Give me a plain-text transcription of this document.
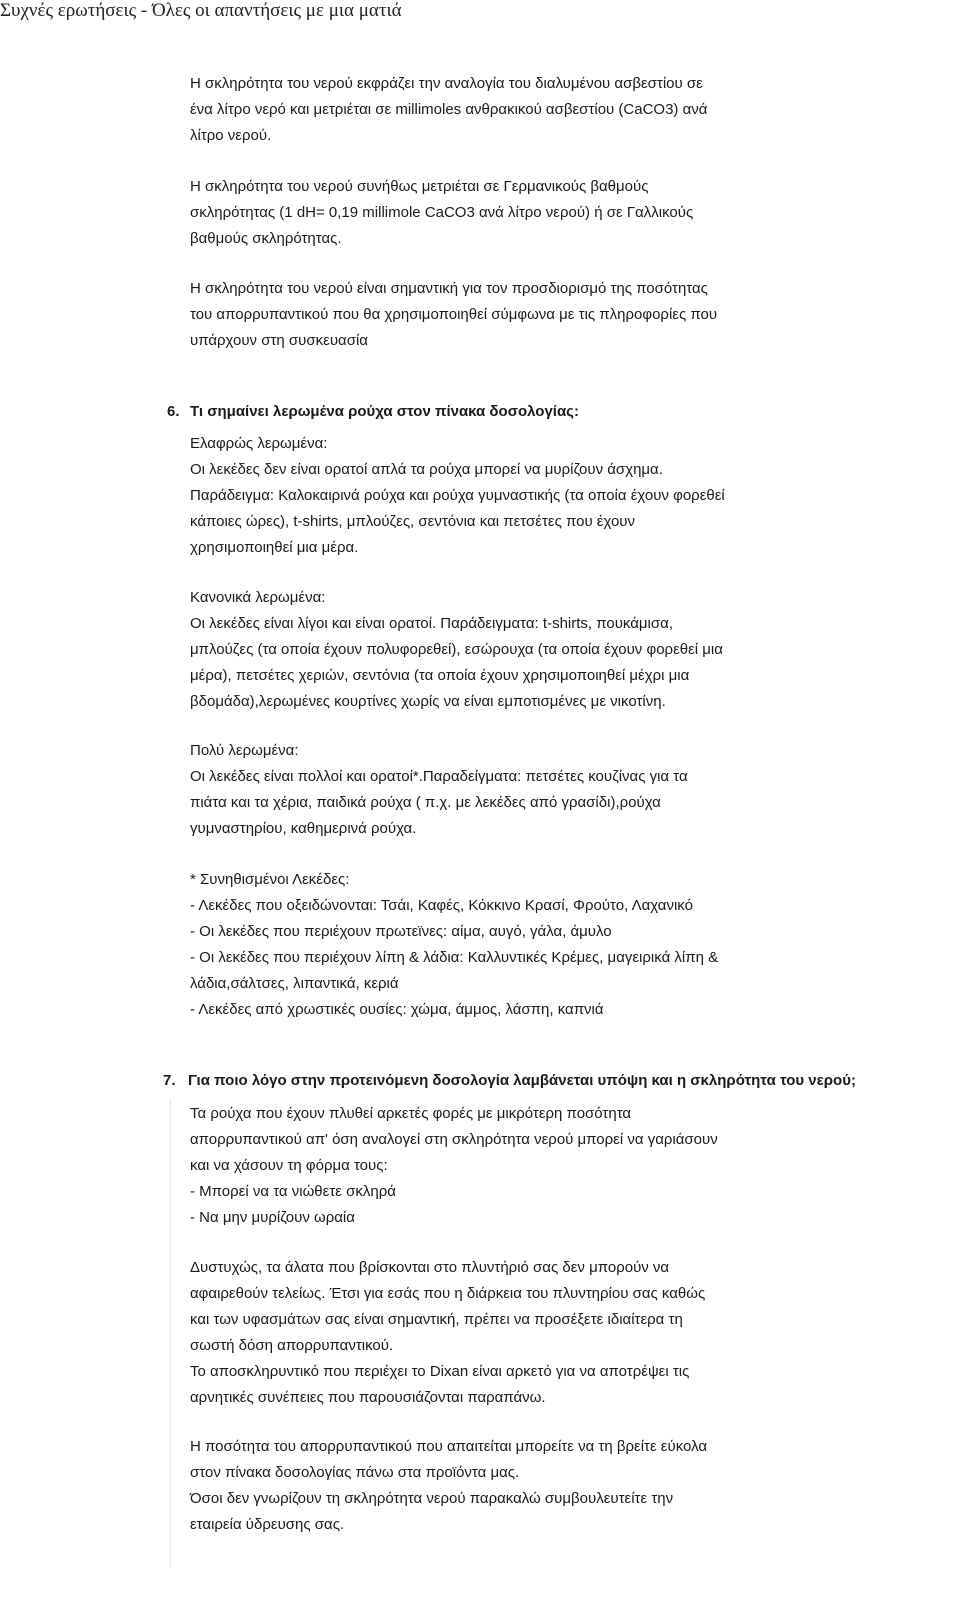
Συχνές ερωτήσεις - Όλες οι απαντήσεις με μια ματιά
Η σκληρότητα του νερού εκφράζει την αναλογία του διαλυμένου ασβεστίου σε
ένα λίτρο νερό και μετριέται σε millimoles ανθρακικού ασβεστίου (CaCO3) ανά
λίτρο νερού.
Η σκληρότητα του νερού συνήθως μετριέται σε Γερμανικούς βαθμούς
σκληρότητας (1 dH= 0,19 millimole CaCO3 ανά λίτρο νερού) ή σε Γαλλικούς
βαθμούς σκληρότητας.
Η σκληρότητα του νερού είναι σημαντική για τον προσδιορισμό της ποσότητας
του απορρυπαντικού που θα χρησιμοποιηθεί σύμφωνα με τις πληροφορίες που
υπάρχουν στη συσκευασία
6. Τι σημαίνει λερωμένα ρούχα στον πίνακα δοσολογίας:
Ελαφρώς λερωμένα:
Οι λεκέδες δεν είναι ορατοί απλά τα ρούχα μπορεί να μυρίζουν άσχημα.
Παράδειγμα: Καλοκαιρινά ρούχα και ρούχα γυμναστικής (τα οποία έχουν φορεθεί
κάποιες ώρες), t-shirts, μπλούζες, σεντόνια και πετσέτες που έχουν
χρησιμοποιηθεί μια μέρα.
Κανονικά λερωμένα:
Οι λεκέδες είναι λίγοι και είναι ορατοί. Παράδειγματα: t-shirts, πουκάμισα,
μπλούζες (τα οποία έχουν πολυφορεθεί), εσώρουχα (τα οποία έχουν φορεθεί μια
μέρα), πετσέτες χεριών, σεντόνια (τα οποία έχουν χρησιμοποιηθεί μέχρι μια
βδομάδα),λερωμένες κουρτίνες χωρίς να είναι εμποτισμένες με νικοτίνη.
Πολύ λερωμένα:
Οι λεκέδες είναι πολλοί και ορατοί*.Παραδείγματα: πετσέτες κουζίνας για τα
πιάτα και τα χέρια, παιδικά ρούχα ( π.χ. με λεκέδες από γρασίδι),ρούχα
γυμναστηρίου, καθημερινά ρούχα.
* Συνηθισμένοι Λεκέδες:
- Λεκέδες που οξειδώνονται: Τσάι, Καφές, Κόκκινο Κρασί, Φρούτο, Λαχανικό
- Οι λεκέδες που περιέχουν πρωτεϊνες: αίμα, αυγό, γάλα, άμυλο
- Οι λεκέδες που περιέχουν λίπη & λάδια: Καλλυντικές Κρέμες, μαγειρικά λίπη &
λάδια,σάλτσες, λιπαντικά, κεριά
- Λεκέδες από χρωστικές ουσίες: χώμα, άμμος, λάσπη, καπνιά
7. Για ποιο λόγο στην προτεινόμενη δοσολογία λαμβάνεται υπόψη και η σκληρότητα του νερού;
Τα ρούχα που έχουν πλυθεί αρκετές φορές με μικρότερη ποσότητα
απορρυπαντικού απ' όση αναλογεί στη σκληρότητα νερού μπορεί να γαριάσουν
και να χάσουν τη φόρμα τους:
- Μπορεί να τα νιώθετε σκληρά
- Να μην μυρίζουν ωραία
Δυστυχώς, τα άλατα που βρίσκονται στο πλυντήριό σας δεν μπορούν να
αφαιρεθούν τελείως. Έτσι για εσάς που η διάρκεια του πλυντηρίου σας καθώς
και των υφασμάτων σας είναι σημαντική, πρέπει να προσέξετε ιδιαίτερα τη
σωστή δόση απορρυπαντικού.
Το αποσκληρυντικό που περιέχει το Dixan είναι αρκετό για να αποτρέψει τις
αρνητικές συνέπειες που παρουσιάζονται παραπάνω.
Η ποσότητα του απορρυπαντικού που απαιτείται μπορείτε να τη βρείτε εύκολα
στον πίνακα δοσολογίας πάνω στα προϊόντα μας.
Όσοι δεν γνωρίζουν τη σκληρότητα νερού παρακαλώ συμβουλευτείτε την
εταιρεία ύδρευσης σας.
